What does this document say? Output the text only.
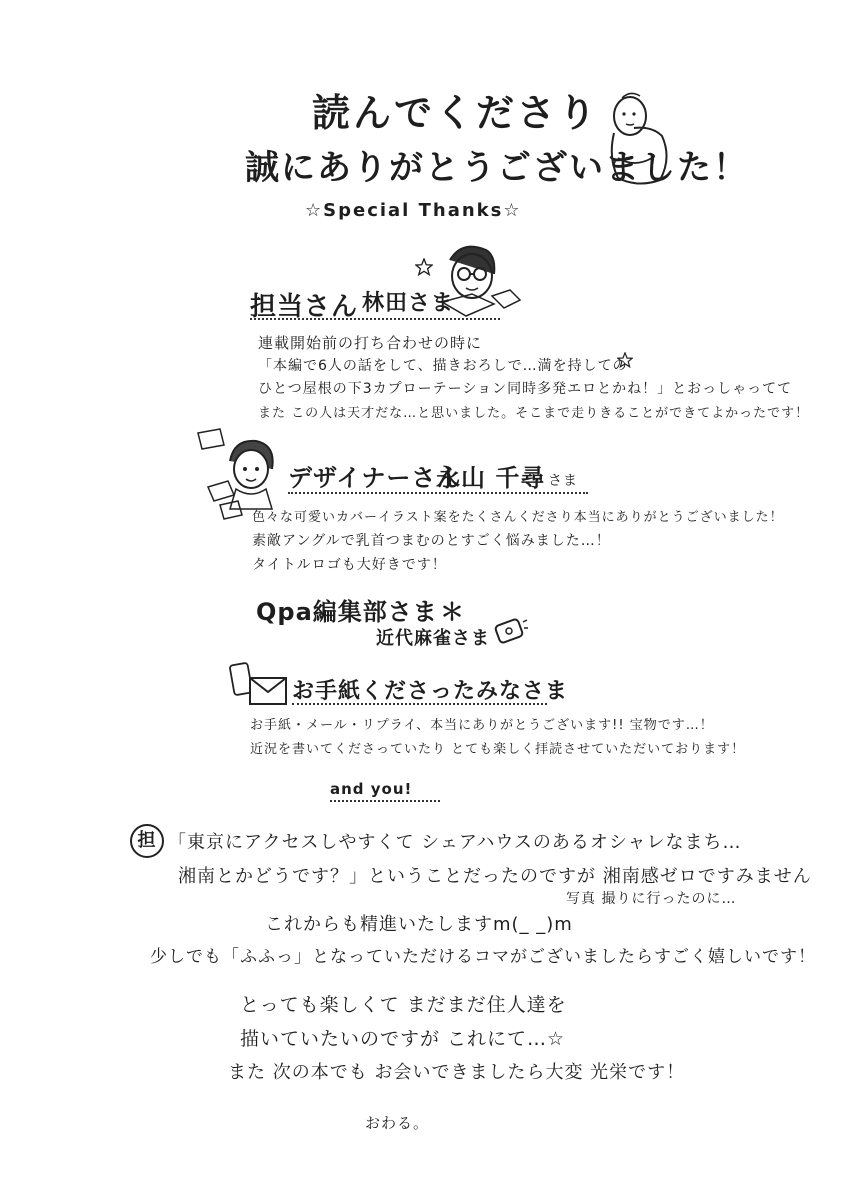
読んでくださり
誠にありがとうございました！
☆Special Thanks☆
担当さん 林田さま
連載開始前の打ち合わせの時に
「本編で6人の話をして、描きおろしで…満を持しての
ひとつ屋根の下3カプローテーション同時多発エロとかね！」とおっしゃってて
また この人は天才だな…と思いました。そこまで走りきることができてよかったです！
デザイナーさん
永山 千尋 さま
色々な可愛いカバーイラスト案をたくさんくださり本当にありがとうございました！
素敵アングルで乳首つまむのとすごく悩みました…！
タイトルロゴも大好きです！
Qpa編集部さま ＊
近代麻雀さま
お手紙くださったみなさま
お手紙・メール・リプライ、本当にありがとうございます!! 宝物です…！
近況を書いてくださっていたり とても楽しく拝読させていただいております！
and you!
担 「東京にアクセスしやすくて シェアハウスのあるオシャレなまち…
湘南とかどうです？」ということだったのですが 湘南感ゼロですみません
写真 撮りに行ったのに…
これからも精進いたしますm(_ _)m
少しでも「ふふっ」となっていただけるコマがございましたらすごく嬉しいです！
とっても楽しくて まだまだ住人達を
描いていたいのですが これにて…☆
また 次の本でも お会いできましたら大変 光栄です！
おわる。
